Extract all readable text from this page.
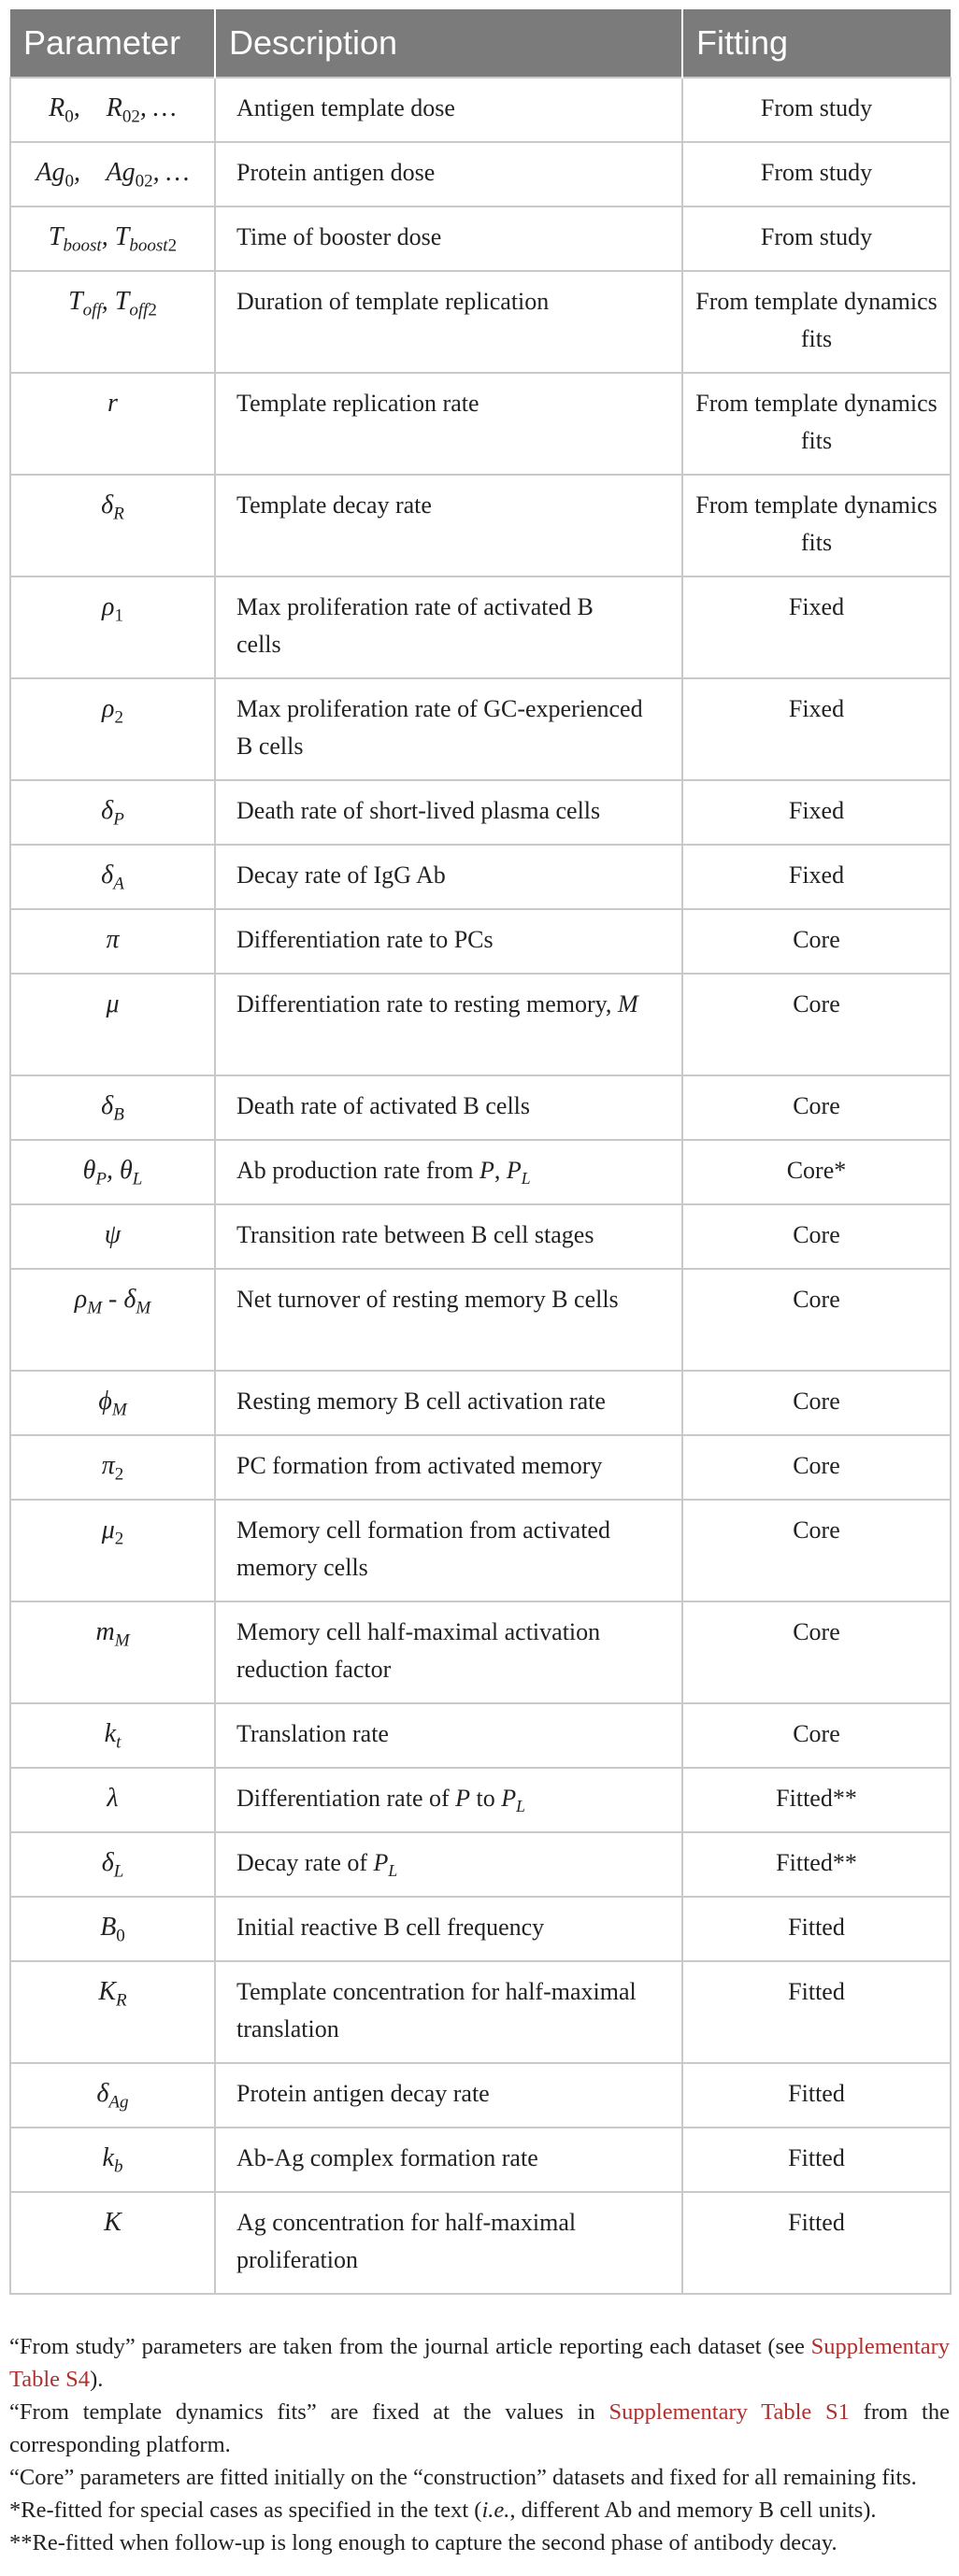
Parameter	Description	Fitting
$R_0$,    $R_{02}$, …	Antigen template dose	From study
$Ag_0$,    $Ag_{02}$, …	Protein antigen dose	From study
$T_{boost}$, $T_{boost2}$	Time of booster dose	From study
$T_{off}$, $T_{off2}$	Duration of template replication	From template dynamics fits
r	Template replication rate	From template dynamics fits
$\delta_R$	Template decay rate	From template dynamics fits
$\rho_1$	Max proliferation rate of activated B cells	Fixed
$\rho_2$	Max proliferation rate of GC-experienced B cells	Fixed
$\delta_P$	Death rate of short-lived plasma cells	Fixed
$\delta_A$	Decay rate of IgG Ab	Fixed
π	Differentiation rate to PCs	Core
μ	Differentiation rate to resting memory, M	Core
$\delta_B$	Death rate of activated B cells	Core
$\theta_P$, $\theta_L$	Ab production rate from P, $P_L$	Core*
ψ	Transition rate between B cell stages	Core
$\rho_M - \delta_M$	Net turnover of resting memory B cells	Core
$\phi_M$	Resting memory B cell activation rate	Core
$\pi_2$	PC formation from activated memory	Core
$\mu_2$	Memory cell formation from activated memory cells	Core
$m_M$	Memory cell half-maximal activation reduction factor	Core
$k_t$	Translation rate	Core
λ	Differentiation rate of P to $P_L$	Fitted**
$\delta_L$	Decay rate of $P_L$	Fitted**
$B_0$	Initial reactive B cell frequency	Fitted
$K_R$	Template concentration for half-maximal translation	Fitted
$\delta_{Ag}$	Protein antigen decay rate	Fitted
$k_b$	Ab-Ag complex formation rate	Fitted
K	Ag concentration for half-maximal proliferation	Fitted

“From study” parameters are taken from the journal article reporting each dataset (see Supplementary Table S4).

“From template dynamics fits” are fixed at the values in Supplementary Table S1 from the corresponding platform.

“Core” parameters are fitted initially on the “construction” datasets and fixed for all remaining fits.

*Re-fitted for special cases as specified in the text (i.e., different Ab and memory B cell units).

**Re-fitted when follow-up is long enough to capture the second phase of antibody decay.
